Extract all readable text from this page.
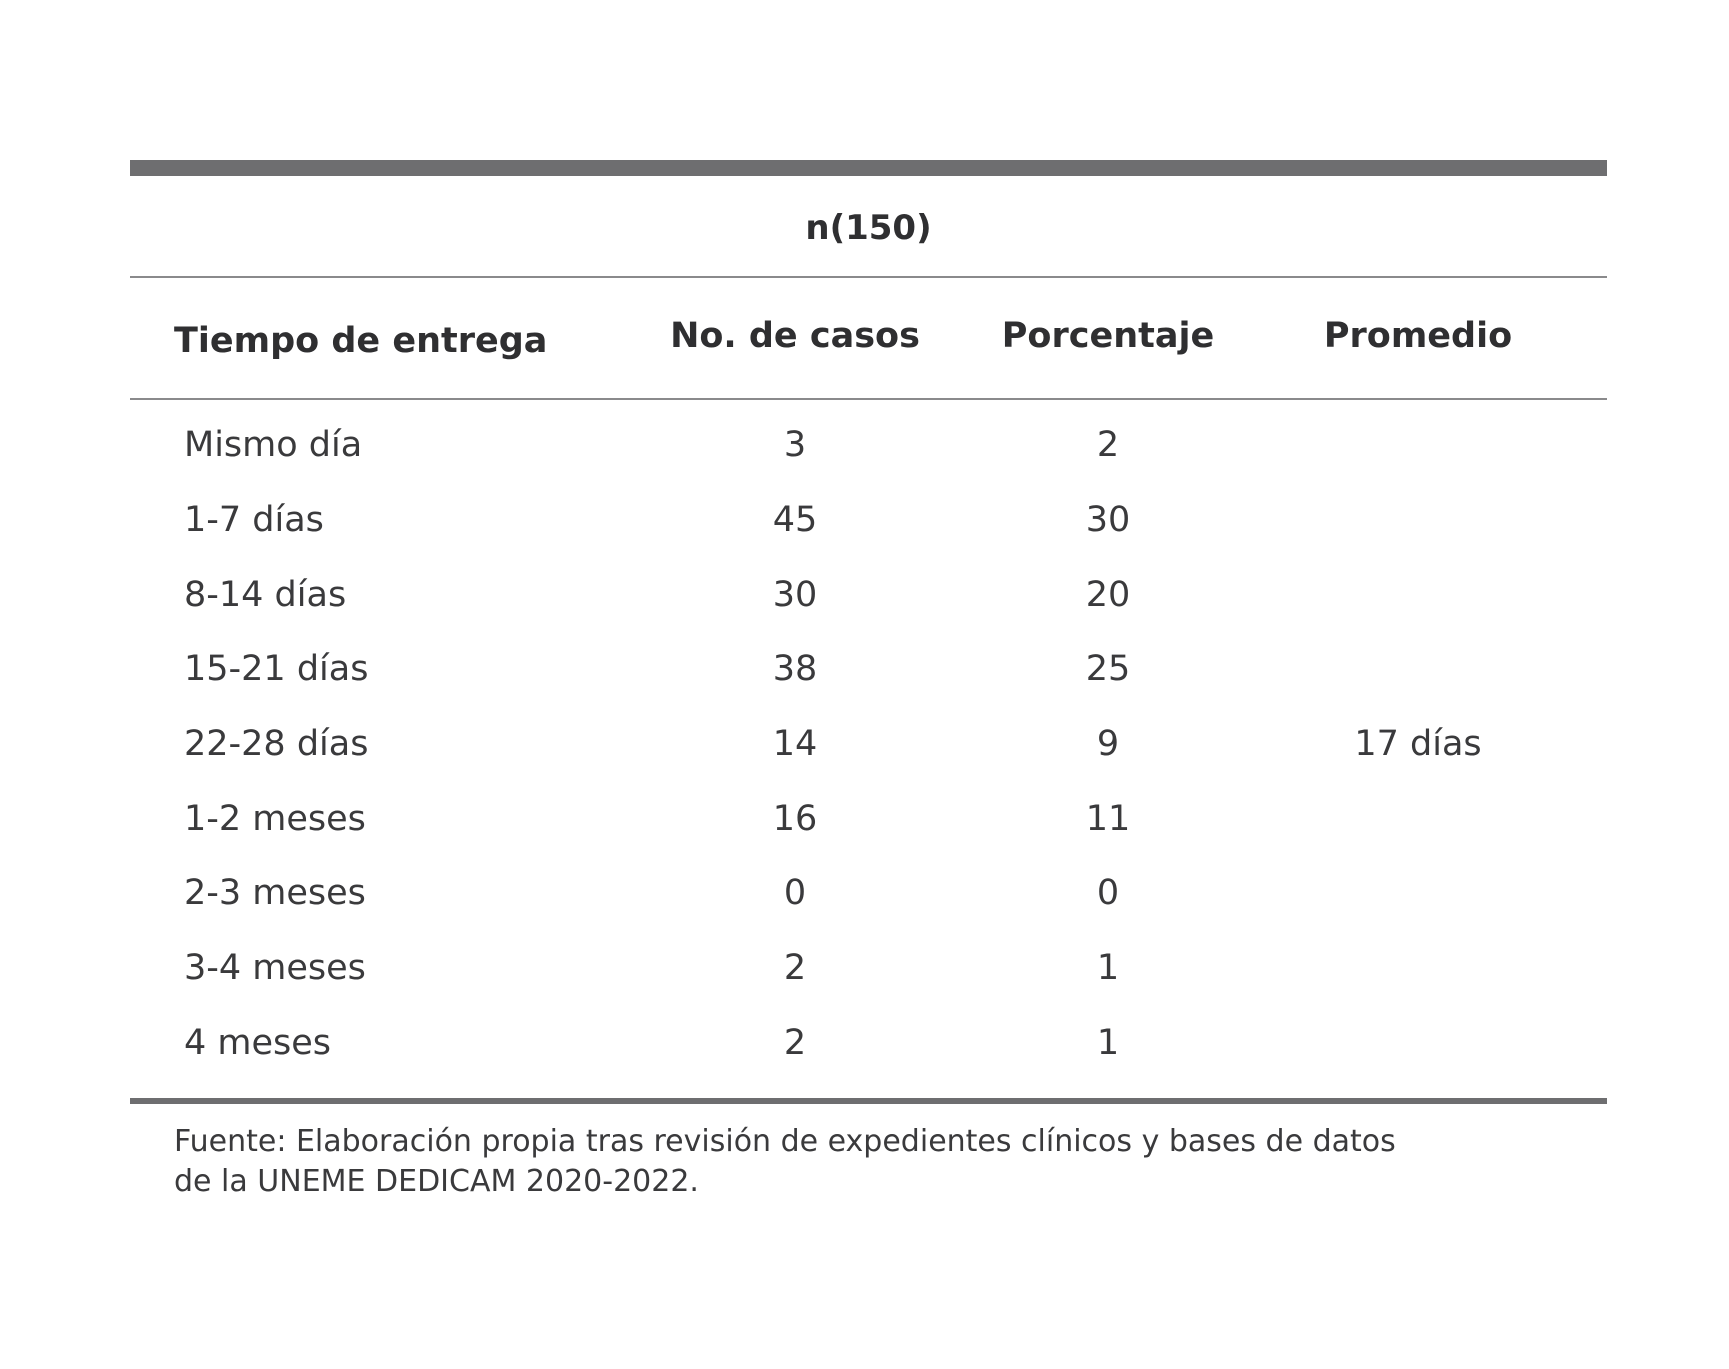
n(150)
Tiempo de entrega	No. de casos	Porcentaje	Promedio
Mismo día	3	2
1-7 días	45	30
8-14 días	30	20
15-21 días	38	25
22-28 días	14	9	17 días
1-2 meses	16	11
2-3 meses	0	0
3-4 meses	2	1
4 meses	2	1
Fuente: Elaboración propia tras revisión de expedientes clínicos y bases de datos
de la UNEME DEDICAM 2020-2022.
